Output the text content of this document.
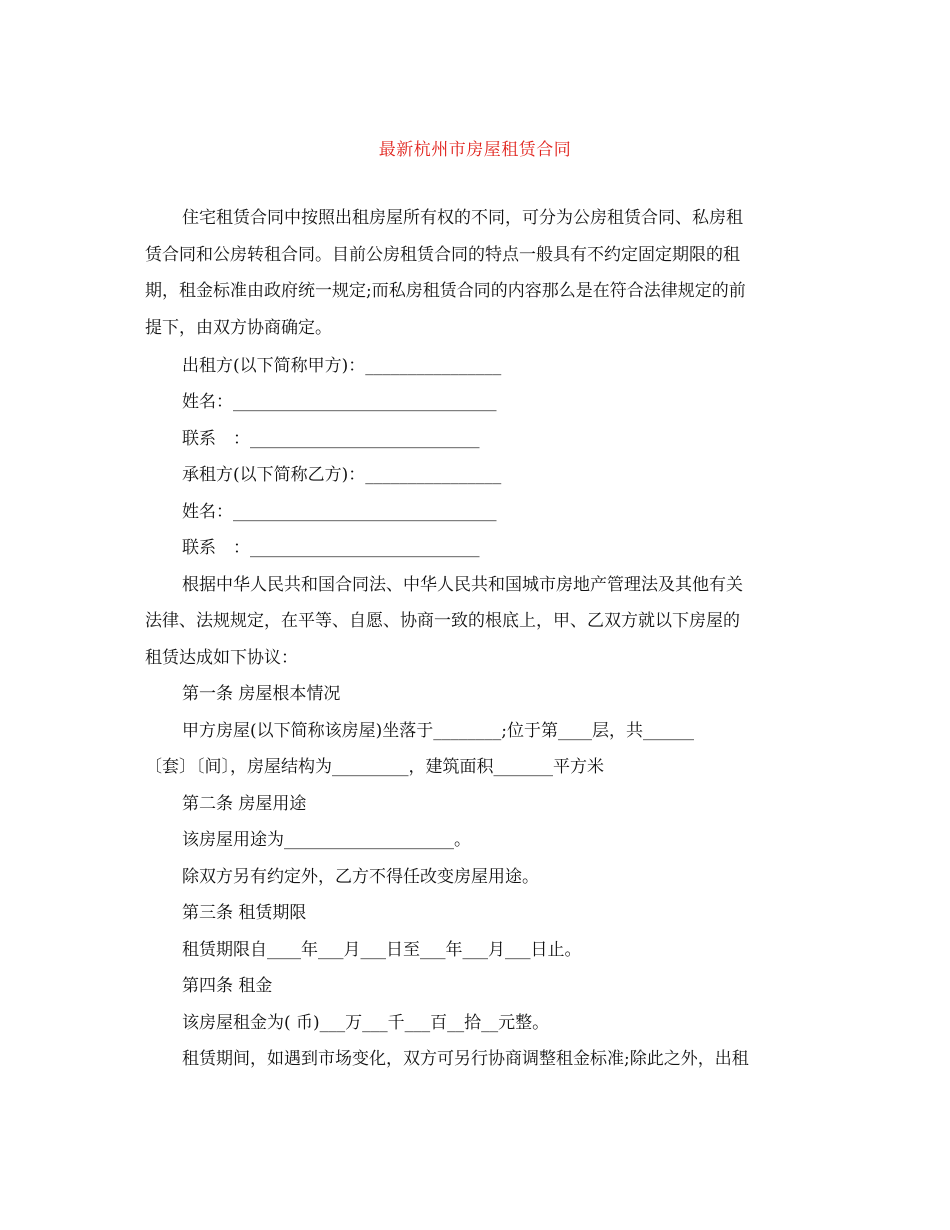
最新杭州市房屋租赁合同
住宅租赁合同中按照出租房屋所有权的不同，可分为公房租赁合同、私房租
赁合同和公房转租合同。目前公房租赁合同的特点一般具有不约定固定期限的租
期，租金标准由政府统一规定;而私房租赁合同的内容那么是在符合法律规定的前
提下，由双方协商确定。
出租方(以下简称甲方)：________________
姓名：_______________________________
联系　：___________________________
承租方(以下简称乙方)：________________
姓名：_______________________________
联系　：___________________________
根据中华人民共和国合同法、中华人民共和国城市房地产管理法及其他有关
法律、法规规定，在平等、自愿、协商一致的根底上，甲、乙双方就以下房屋的
租赁达成如下协议：
第一条 房屋根本情况
甲方房屋(以下简称该房屋)坐落于________;位于第____层，共______
〔套〕〔间〕，房屋结构为_________，建筑面积_______平方米
第二条 房屋用途
该房屋用途为____________________。
除双方另有约定外，乙方不得任改变房屋用途。
第三条 租赁期限
租赁期限自____年___月___日至___年___月___日止。
第四条 租金
该房屋租金为( 币)___万___千___百__拾__元整。
租赁期间，如遇到市场变化，双方可另行协商调整租金标准;除此之外，出租
